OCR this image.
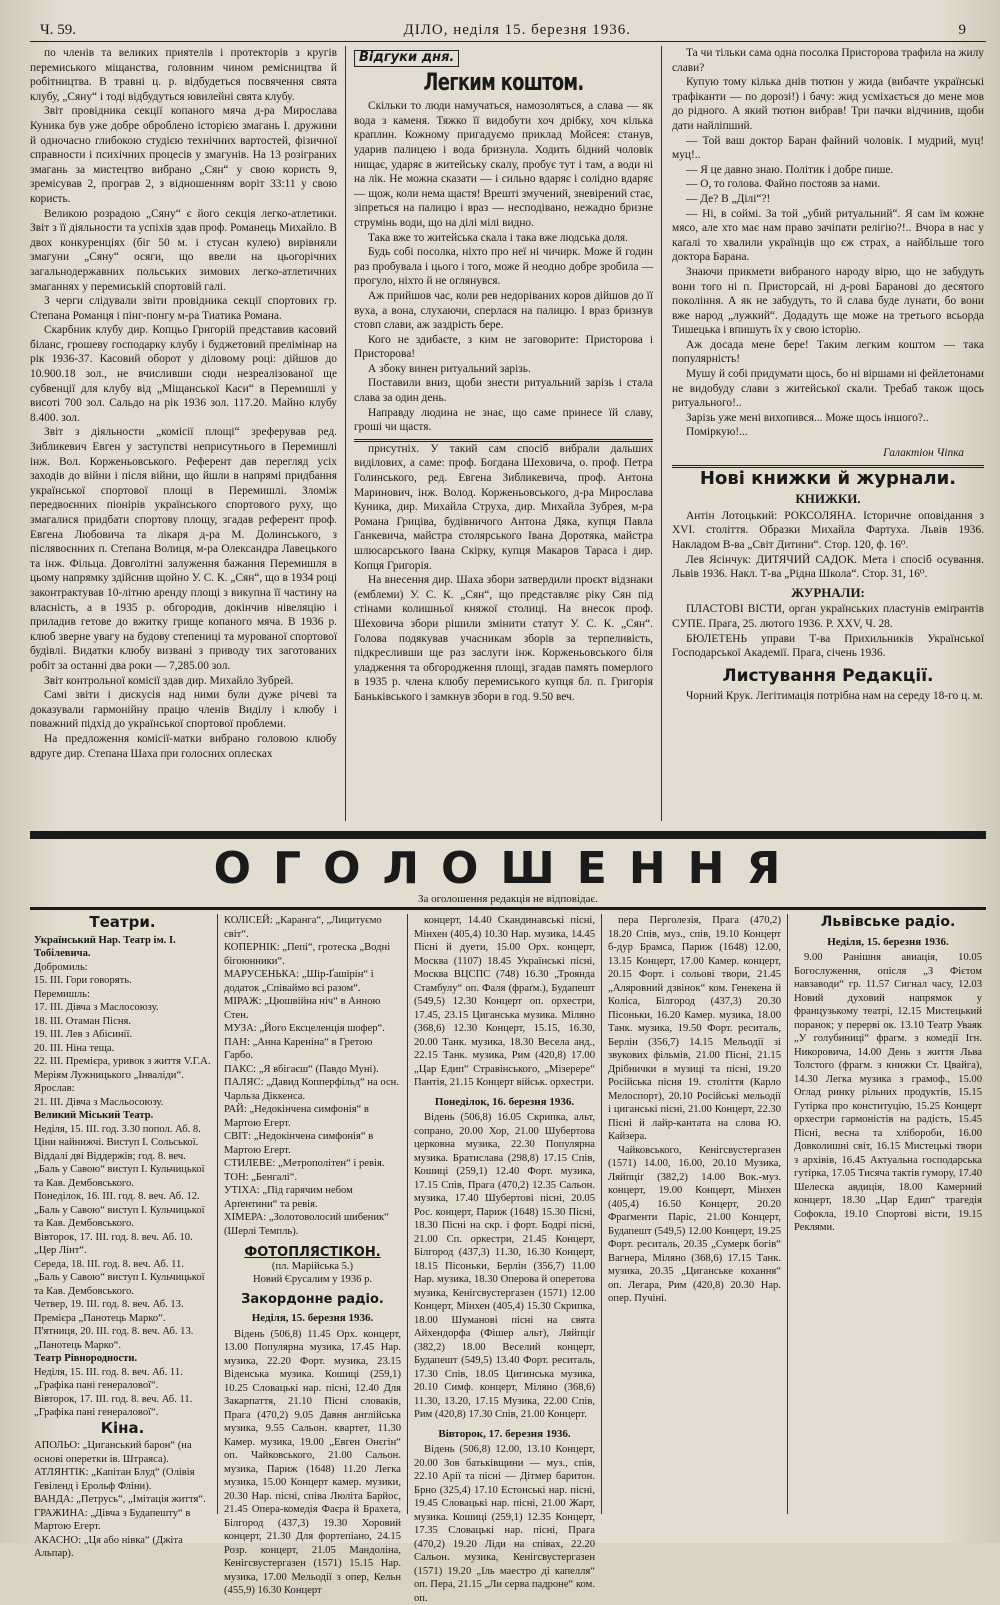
Ч. 59.	ДІЛО, неділя 15. березня 1936.	9

по членів та великих приятелів і протекторів з кругів перемиського міщанства, головним чином ремісництва й робітництва. В травні ц. р. відбудеться посвячення свята клубу, „Сяну“ і тоді відбудуться ювилейні свята клубу.

Звіт провідника секції копаного мяча д-ра Мирослава Куника був уже добре оброблено історією змагань І. дружини й одночасно глибокою студією технічних вартостей, фізичної справности і психічних процесів у змагунів. На 13 розіграних змагань за мистецтво вибрано „Сян“ у свою користь 9, зремісував 2, програв 2, з відношенням воріт 33:11 у свою користь.

Великою розрадою „Сяну“ є його секція легко-атлетики. Звіт з її діяльности та успіхів здав проф. Романець Михайло. В двох конкуренціях (біг 50 м. і стусан кулею) вирівняли змагуни „Сяну“ осяги, що ввели на цьогорічних загальнодержавних польських зимових легко-атлетичних змаганнях у перемиській спортовій галі.

З черги слідували звіти провідника секції спортових гр. Степана Романця і пінг-понгу м-ра Тиатика Романа.

Скарбник клубу дир. Копцьо Григорій представив касовий біланс, грошеву господарку клубу і буджетовий прелімінар на рік 1936-37. Касовий оборот у діловому році: дійшов до 10.900.18 зол., не вчисливши сюди незреалізованої ще субвенції для клубу від „Міщанської Каси“ в Перемишлі у висоті 700 зол. Сальдо на рік 1936 зол. 117.20. Майно клубу 8.400. зол.

Звіт з діяльности „комісії площі“ зреферував ред. Зибликевич Евген у заступстві неприсутнього в Перемишлі інж. Вол. Корженьовського. Референт дав перегляд усіх заходів до війни і після війни, що йшли в напрямі придбання української спортової площі в Перемишлі. Зломіж передвоєнних піонірів українського спортового руху, що змагалися придбати спортову площу, згадав референт проф. Евгена Любовича та лікаря д-ра М. Долинського, з післявоєнних п. Степана Волиця, м-ра Олександра Лавецького та інж. Фільца. Довголітні залуження бажання Перемишля в цьому напрямку здійснив щойно У. С. К. „Сян“, що в 1934 році законтрактував 10-літню аренду площі з викупна її частину на власність, а в 1935 р. обгородив, докінчив нівеляцію і приладив гетове до вжитку грище копаного мяча. В 1936 р. клюб зверне увагу на будову степениці та мурованої спортової будівлі. Видатки клюбу визвані з приводу тих заготованих робіт за останні два роки — 7,285.00 зол.

Звіт контрольної комісії здав дир. Михайло Зубрей.

Самі звіти і дискусія над ними були дуже річеві та доказували гармонійну працю членів Виділу і клюбу і поважний підхід до української спортової проблеми.

На предложення комісії-матки вибрано головою клюбу вдруге дир. Степана Шаха при голосних оплесках

Відгуки дня.
Легким коштом.

Скільки то люди намучаться, намозоляться, а слава — як вода з каменя. Тяжко її видобути хоч дрібку, хоч кілька краплин. Кожному пригадуємо приклад Мойсея: станув, ударив палицею і вода бризнула. Ходить бідний чоловік нищає, ударяє в житейську скалу, пробує тут і там, а води ні на лік. Не можна сказати — і сильно вдаряє і солідно вдаряє — щож, коли нема щастя! Врешті змучений, зневірений стає, зіпреться на палицю і враз — несподівано, нежадно бризне струмінь води, що на ділі мілі видно.

Така вже то житейська скала і така вже людська доля.

Будь собі посолка, ніхто про неї ні чичирк. Може й годин раз пробувала і цього і того, може й неодно добре зробила — прогуло, ніхто й не оглянувся.

Аж прийшов час, коли рев недоріваних коров дійшов до її вуха, а вона, слухаючи, сперлася на палицю. І враз бризнув стовп слави, аж заздрість бере.

Кого не здибаєте, з ким не заговорите: Присторова і Присторова!

А збоку винен ритуальний зарізь.

Поставили вниз, щоби знести ритуальний зарізь і стала слава за один день.

Направду людина не знає, що саме принесе їй славу, гроші чи щастя.

присутніх. У такий сам спосіб вибрали дальших виділових, а саме: проф. Богдана Шеховича, о. проф. Петра Голинського, ред. Евгена Зибликевича, проф. Антона Маринович, інж. Волод. Корженьовського, д-ра Мирослава Куника, дир. Михайла Струха, дир. Михайла Зубрея, м-ра Романа Гриціва, будівничого Антона Дяка, купця Павла Ганкевича, майстра столярського Івана Доротяка, майстра шлюсарського Івана Скірку, купця Макаров Тараса і дир. Копця Григорія.

На внесення дир. Шаха збори затвердили проєкт відзнаки (емблеми) У. С. К. „Сян“, що представляє ріку Сян під стінами колишньої княжої столиці. На внесок проф. Шеховича збори рішили змінити статут У. С. К. „Сян“. Голова подякував учасникам зборів за терпеливість, підкресливши ще раз заслуги інж. Корженьовського біля уладження та обгородження площі, згадав память померлого в 1935 р. члена клюбу перемиського купця бл. п. Григорія Баньківського і замкнув збори в год. 9.50 веч.

Та чи тільки сама одна посолка Присторова трафила на жилу слави?

Купую тому кілька днів тютюн у жида (вибачте українські трафіканти — по дорозі!) і бачу: жид усміхається до мене мов до рідного. А який тютюн вибрав! Три пачки відчинив, щоби дати найліпший.

— Той ваш доктор Баран файний чоловік. І мудрий, муц! муц!..

— Я це давно знаю. Політик і добре пише.

— О, то голова. Файно постояв за нами.

— Де? В „Ділі“?!

— Ні, в соймі. За той „убий ритуальний“. Я сам їм кожне мясо, але хто має нам право зачіпати релігію?!.. Вчора в нас у каґалі то хвалили українців що єж страх, а найбільше того доктора Барана.

Знаючи прикмети вибраного народу вірю, що не забудуть вони того ні п. Присторсай, ні д-рові Баранові до десятого покоління. А як не забудуть, то й слава буде лунати, бо вони вже народ „лужкий“. Додадуть ще може на третього всьорда Тишецька і впишуть їх у свою історію.

Аж досада мене бере! Таким легким коштом — така популярність!

Мушу й собі придумати щось, бо ні віршами ні фейлетонами не видобуду слави з житейської скали. Требаб також щось ритуального!..

Зарізь уже мені вихопився... Може щось іншого?..

Поміркую!...

Галактіон Чіпка
Нові книжки й журнали.
КНИЖКИ.

Антін Лотоцький: РОКСОЛЯНА. Історичне оповідання з XVI. століття. Образки Михайла Фартуха. Львів 1936. Накладом В-ва „Світ Дитини“. Стор. 120, ф. 16⁰.

Лев Ясінчук: ДИТЯЧИЙ САДОК. Мета і спосіб осування. Львів 1936. Накл. Т-ва „Рідна Школа“. Стор. 31, 16⁰.

ЖУРНАЛИ:

ПЛАСТОВІ ВІСТИ, орган українських пластунів еміґрантів СУПЕ. Прага, 25. лютого 1936. Р. XXV, Ч. 28.

БЮЛЕТЕНЬ управи Т-ва Прихильників Української Господарської Академії. Прага, січень 1936.

Листування Редакції.

Чорний Крук. Легітимація потрібна нам на середу 18-го ц. м.

ОГОЛОШЕННЯ
За оголошення редакція не відповідає.
Театри.
Український Нар. Театр ім. І. Тобілевича.
Добромиль:
15. III. Гори говорять.
Перемишль:
17. III. Дівча з Маслосоюзу.
18. III. Отаман Пісня.
19. III. Лев з Абісинії.
20. III. Ніна теща.
22. III. Премієра, уривок з життя V.Г.А. Меріям Лужницького „Інваліди“.
Ярослав:
21. III. Дівча з Масльосоюзу.
Великий Міський Театр.
Неділя, 15. III. год. 3.30 попол. Аб. 8. Ціни найнижчі. Виступ І. Сольської. Віддалі дві Віддержів; год. 8. веч. „Баль у Савою“ виступ І. Кульчицької та Кав. Дембовського.
Понеділок, 16. III. год. 8. веч. Аб. 12. „Баль у Савою“ виступ І. Кульчицької та Кав. Дембовського.
Вівторок, 17. III. год. 8. веч. Аб. 10. „Цер Лінт“.
Середа, 18. III. год. 8. веч. Аб. 11. „Баль у Савою“ виступ І. Кульчицької та Кав. Дембовського.
Четвер, 19. III. год. 8. веч. Аб. 13. Премієра „Панотець Марко“.
П'ятниця, 20. III. год. 8. веч. Аб. 13. „Панотець Марко“.
Театр Рівнородности.
Неділя, 15. III. год. 8. веч. Аб. 11. „Графіка пані генералової“.
Вівторок, 17. III. год. 8. веч. Аб. 11. „Графіка пані генералової“.
Кіна.
АПОЛЬО: „Циганський барон“ (на основі оперетки ів. Штраяса).
АТЛЯНТІК: „Капітан Блуд“ (Олівія Гевіленд і Ерольф Фліни).
ВАНДА: „Петрусь“, „Імітація життя“.
ГРАЖИНА: „Дівча з Будапешту“ в Мартою Егерт.
АКАСНО: „Ця або нівка“ (Джіта Альпар).
КОЛІСЕЙ: „Каранга“, „Лицитуємо світ“.
КОПЕРНІК: „Пепі“, гротеска „Водні бігоюнники“.
МАРУСЕНЬКА: „Шір-Ґашірін“ і додаток „Співаймо всі разом“.
МІРАЖ: „Цюшвійна ніч“ в Анною Стен.
МУЗА: „Його Ексцеленція шофер“.
ПАН: „Анна Кареніна“ в Гретою Гарбо.
ПАКС: „Я вбігаєш“ (Павдо Муні).
ПАЛЯС: „Давид Копперфільд“ на осн. Чарльза Діккенса.
РАЙ: „Недокінчена симфонія“ в Мартою Егерт.
СВІТ: „Недокінчена симфонія“ в Мартою Егерт.
СТИЛЕВЕ: „Метрополітен“ і ревія.
ТОН: „Бенгалі“.
УТІХА: „Під гарячим небом Арґентини“ та ревія.
ХІМЕРА: „Золотоволосий шибеник“ (Шерлі Темпль).
ФОТОПЛЯСТІКОН.
(пл. Марійська 5.)
Новий Єрусалим у 1936 р.
Закордонне радіо.
Неділя, 15. березня 1936.

Відень (506,8) 11.45 Орх. концерт, 13.00 Популярна музика, 17.45 Нар. музика, 22.20 Форт. музика, 23.15 Віденська музика. Кошиці (259,1) 10.25 Словацькі нар. пісні, 12.40 Для Закарпаття, 21.10 Пісні словаків, Прага (470,2) 9.05 Давня англійська музика, 9.55 Сальон. квартет, 11.30 Камер. музика, 19.00 „Евген Онєгін“ оп. Чайковського, 21.00 Сальон. музика, Париж (1648) 11.20 Легка музика, 15.00 Концерт камер. музики, 20.30 Нар. пісні, співа Люліта Барйос, 21.45 Опера-комедія Фаєра й Брахета, Білгород (437,3) 19.30 Хоровий концерт, 21.30 Для фортепіано, 24.15 Розр. концерт, 21.05 Мандоліна, Кенігсвустергазен (1571) 15.15 Нар. музика, 17.00 Мельодії з опер, Кельн (455,9) 16.30 Концерт

концерт, 14.40 Скандинавські пісні, Мінхен (405,4) 10.30 Нар. музика, 14.45 Пісні й дуети, 15.00 Орх. концерт, Москва (1107) 18.45 Українські пісні, Москва ВЦСПС (748) 16.30 „Троянда Стамбулу“ оп. Фаля (фраґм.), Будапешт (549,5) 12.30 Концерт оп. орхестри, 17.45, 23.15 Циганська музика. Міляно (368,6) 12.30 Концерт, 15.15, 16.30, 20.00 Танк. музика, 18.30 Весела анд., 22.15 Танк. музика, Рим (420,8) 17.00 „Цар Едип“ Стравінського, „Мізерере“ Пантія, 21.15 Концерт військ. орхестри.

Понеділок, 16. березня 1936.

Відень (506,8) 16.05 Скрипка, альт, сопрано, 20.00 Хор, 21.00 Шубертова церковна музика, 22.30 Популярна музика. Братислава (298,8) 17.15 Спів, Кошиці (259,1) 12.40 Форт. музика, 17.15 Спів, Прага (470,2) 12.35 Сальон. музика, 17.40 Шубертові пісні, 20.05 Рос. концерт, Париж (1648) 15.30 Пісні, 18.30 Пісні на скр. і форт. Бодрі пісні, 21.00 Сп. оркестри, 21.45 Концерт, Білгород (437,3) 11.30, 16.30 Концерт, 18.15 Пісоньки, Берлін (356,7) 11.00 Нар. музика, 18.30 Оперова й оперетова музика, Кенігсвустергазен (1571) 12.00 Концерт, Мінхен (405,4) 15.30 Скрипка, 18.00 Шуманові пісні на свята Айхендорфа (Фішер альт), Ляйпціґ (382,2) 18.00 Веселий концерт, Будапешт (549,5) 13.40 Форт. реситаль, 17.30 Спів, 18.05 Цигинська музика, 20.10 Симф. концерт, Міляно (368,6) 11.30, 13.20, 17.15 Музика, 22.00 Спів, Рим (420,8) 17.30 Спів, 21.00 Концерт.

Вівторок, 17. березня 1936.

Відень (506,8) 12.00, 13.10 Концерт, 20.00 Зов батьківщини — муз., спів, 22.10 Арії та пісні — Дітмер баритон. Брно (325,4) 17.10 Естонські нар. пісні, 19.45 Словацькі нар. пісні, 21.00 Жарт, музика. Кошиці (259,1) 12.35 Концерт, 17.35 Словацькі нар. пісні, Прага (470,2) 19.20 Ліди на співах, 22.20 Сальон. музика, Кенігсвустергазен (1571) 19.20 „Іль маестро ді капелля“ оп. Пера, 21.15 „Ли серва падроне“ ком. оп.

пера Перголезія, Прага (470,2) 18.20 Спів, муз., спів, 19.10 Концерт б-дур Брамса, Париж (1648) 12.00, 13.15 Концерт, 17.00 Камер. концерт, 20.15 Форт. і сольові твори, 21.45 „Аляровний дзвінок“ ком. Генекена й Коліса, Білгород (437,3) 20.30 Пісоньки, 16.20 Камер. музика, 18.00 Танк. музика, 19.50 Форт. реситаль, Берлін (356,7) 14.15 Мельодії зі звукових фільмів, 21.00 Пісні, 21.15 Дрібнички в музиці та пісні, 19.20 Російська пісня 19. століття (Карло Мелоспорт), 20.10 Російські мельодії і циганські пісні, 21.00 Концерт, 22.30 Пісні й лайр-кантата на слова Ю. Кайзера.

Чайковського, Кенігсвустергазен (1571) 14.00, 16.00, 20.10 Музика, Ляйпціґ (382,2) 14.00 Вок.-муз. концерт, 19.00 Концерт, Мінхен (405,4) 16.50 Концерт, 20.20 Фраґменти Паріс, 21.00 Концерт, Будапешт (549,5) 12.00 Концерт, 19.25 Форт. реситаль, 20.35 „Сумерк богів“ Вагнера, Міляно (368,6) 17.15 Танк. музика, 20.35 „Циганське кохання“ оп. Легара, Рим (420,8) 20.30 Нар. опер. Пучіні.

Львівське радіо.
Неділя, 15. березня 1936.

9.00 Ранішня авиація, 10.05 Богослуження, опісля „З Фієтом навзаводи“ гр. 11.57 Сигнал часу, 12.03 Новий духовий напрямок у французькому театрі, 12.15 Мистецький поранок; у перерві ок. 13.10 Театр Уваяк „У голубиниці“ фрагм. з комедії Ігн. Никоровича, 14.00 День з життя Льва Толстого (фрагм. з книжки Ст. Цвайга), 14.30 Легка музика з грамоф., 15.00 Оглад ринку рільних продуктів, 15.15 Гутірка про конституцію, 15.25 Концерт орхестри гармоністів на радість, 15.45 Пісні, весна та хлібороби, 16.00 Довколишні світ, 16.15 Мистецькі твори з архівів, 16.45 Актуальна господарська гутірка, 17.05 Тисяча тактів гумору, 17.40 Шелеска авдиція, 18.00 Камерний концерт, 18.30 „Цар Едип“ трагедія Софокла, 19.10 Спортові вісти, 19.15 Реклями.
